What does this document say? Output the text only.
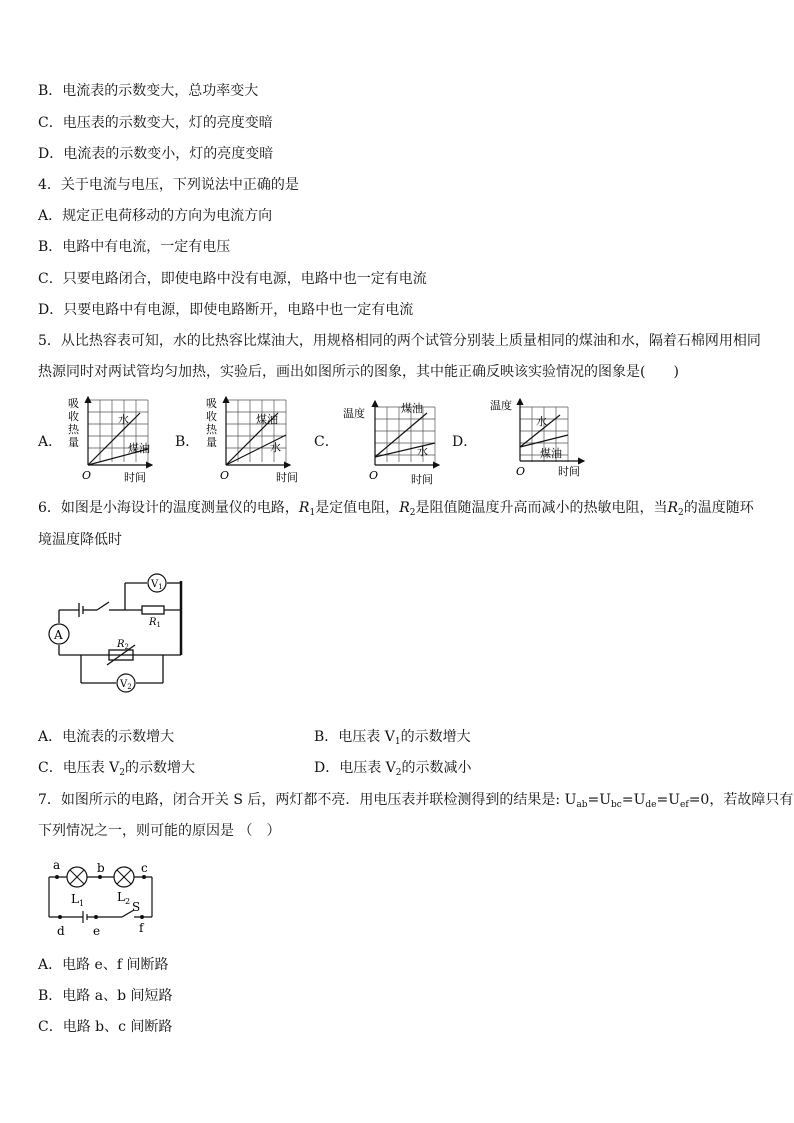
B．电流表的示数变大，总功率变大
C．电压表的示数变大，灯的亮度变暗
D．电流表的示数变小，灯的亮度变暗
4．关于电流与电压，下列说法中正确的是
A．规定正电荷移动的方向为电流方向
B．电路中有电流，一定有电压
C．只要电路闭合，即使电路中没有电源，电路中也一定有电流
D．只要电路中有电源，即使电路断开，电路中也一定有电流
5．从比热容表可知，水的比热容比煤油大，用规格相同的两个试管分别装上质量相同的煤油和水，隔着石棉网用相同
热源同时对两试管均匀加热，实验后，画出如图所示的图象，其中能正确反映该实验情况的图象是(　　)
A．	B．	C．	D．
吸
收
热
量
水
煤油
O	时间
吸
收
热
量
煤油
水
O	时间
温度	煤油
水
O	时间
温度
水
煤油
O	时间
6．如图是小海设计的温度测量仪的电路，$R_1$是定值电阻，$R_2$是阻值随温度升高而减小的热敏电阻，当$R_2$的温度随环
境温度降低时
A
$V_1$
$V_2$
$R_1$
$R_2$
A．电流表的示数增大	B．电压表 $V_1$的示数增大
C．电压表 $V_2$的示数增大	D．电压表 $V_2$的示数减小
7．如图所示的电路，闭合开关 S 后，两灯都不亮．用电压表并联检测得到的结果是: $U_{ab}=U_{bc}=U_{de}=U_{ef}=0$，若故障只有
下列情况之一，则可能的原因是 （　）
a	b	c
d e	f
$L_1$	$L_2$ S
A．电路 e、f 间断路
B．电路 a、b 间短路
C．电路 b、c 间断路
